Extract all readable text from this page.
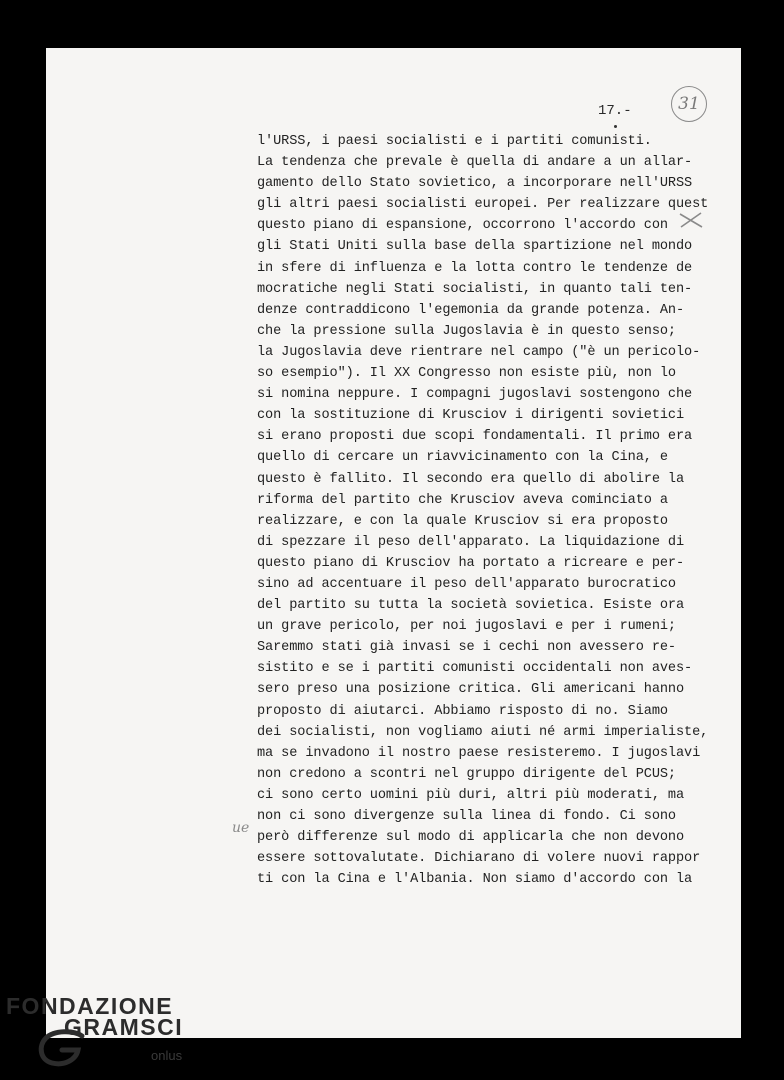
17.-	31
ue
l'URSS, i paesi socialisti e i partiti comunisti.
La tendenza che prevale è quella di andare a un allar-
gamento dello Stato sovietico, a incorporare nell'URSS
gli altri paesi socialisti europei. Per realizzare quest
questo piano di espansione, occorrono l'accordo con
gli Stati Uniti sulla base della spartizione nel mondo
in sfere di influenza e la lotta contro le tendenze de
mocratiche negli Stati socialisti, in quanto tali ten-
denze contraddicono l'egemonia da grande potenza. An-
che la pressione sulla Jugoslavia è in questo senso;
la Jugoslavia deve rientrare nel campo ("è un pericolo-
so esempio"). Il XX Congresso non esiste più, non lo
si nomina neppure. I compagni jugoslavi sostengono che
con la sostituzione di Krusciov i dirigenti sovietici
si erano proposti due scopi fondamentali. Il primo era
quello di cercare un riavvicinamento con la Cina, e
questo è fallito. Il secondo era quello di abolire la
riforma del partito che Krusciov aveva cominciato a
realizzare, e con la quale Krusciov si era proposto
di spezzare il peso dell'apparato. La liquidazione di
questo piano di Krusciov ha portato a ricreare e per-
sino ad accentuare il peso dell'apparato burocratico
del partito su tutta la società sovietica. Esiste ora
un grave pericolo, per noi jugoslavi e per i rumeni;
Saremmo stati già invasi se i cechi non avessero re-
sistito e se i partiti comunisti occidentali non aves-
sero preso una posizione critica. Gli americani hanno
proposto di aiutarci. Abbiamo risposto di no. Siamo
dei socialisti, non vogliamo aiuti né armi imperialiste,
ma se invadono il nostro paese resisteremo. I jugoslavi
non credono a scontri nel gruppo dirigente del PCUS;
ci sono certo uomini più duri, altri più moderati, ma
non ci sono divergenze sulla linea di fondo. Ci sono
però differenze sul modo di applicarla che non devono
essere sottovalutate. Dichiarano di volere nuovi rappor
ti con la Cina e l'Albania. Non siamo d'accordo con la
FONDAZIONE
GRAMSCI
onlus
